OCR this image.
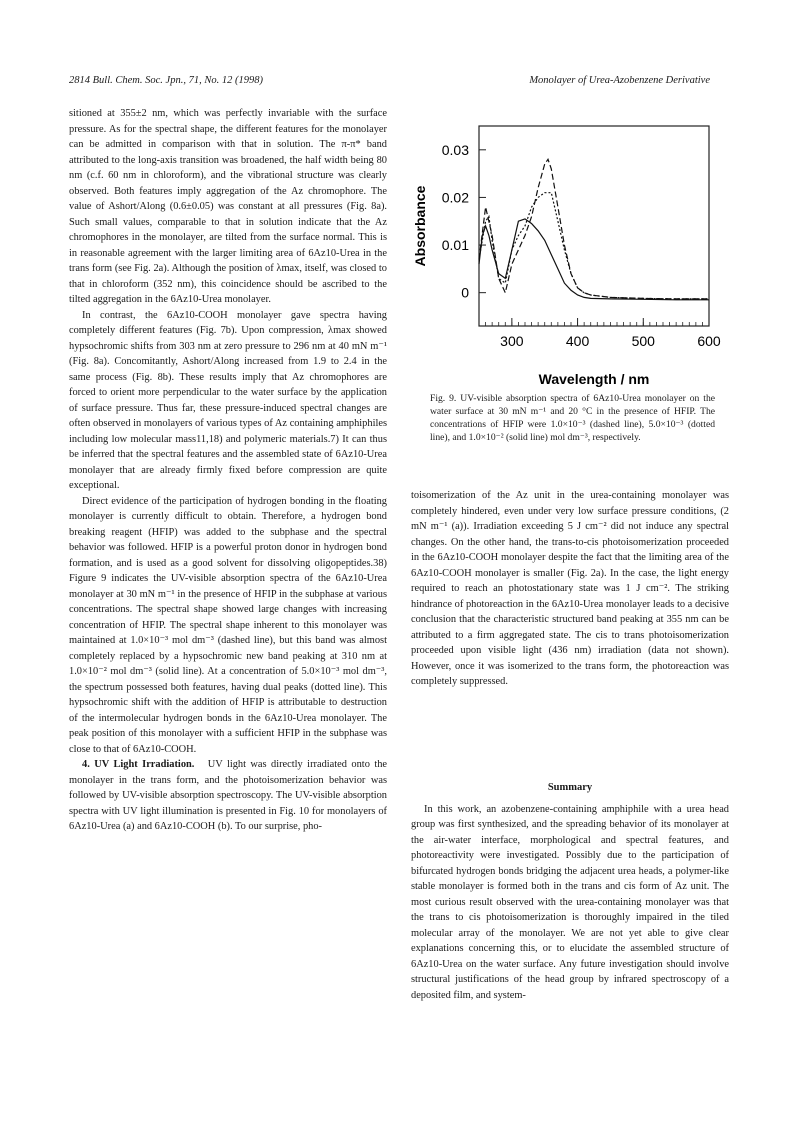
2814 Bull. Chem. Soc. Jpn., 71, No. 12 (1998)	Monolayer of Urea-Azobenzene Derivative

sitioned at 355±2 nm, which was perfectly invariable with the surface pressure. As for the spectral shape, the different features for the monolayer can be admitted in comparison with that in solution. The π-π* band attributed to the long-axis transition was broadened, the half width being 80 nm (c.f. 60 nm in chloroform), and the vibrational structure was clearly observed. Both features imply aggregation of the Az chromophore. The value of Ashort/Along (0.6±0.05) was constant at all pressures (Fig. 8a). Such small values, comparable to that in solution indicate that the Az chromophores in the monolayer, are tilted from the surface normal. This is in reasonable agreement with the larger limiting area of 6Az10-Urea in the trans form (see Fig. 2a). Although the position of λmax, itself, was closed to that in chloroform (352 nm), this coincidence should be ascribed to the tilted aggregation in the 6Az10-Urea monolayer.

In contrast, the 6Az10-COOH monolayer gave spectra having completely different features (Fig. 7b). Upon compression, λmax showed hypsochromic shifts from 303 nm at zero pressure to 296 nm at 40 mN m⁻¹ (Fig. 8a). Concomitantly, Ashort/Along increased from 1.9 to 2.4 in the same process (Fig. 8b). These results imply that Az chromophores are forced to orient more perpendicular to the water surface by the application of surface pressure. Thus far, these pressure-induced spectral changes are often observed in monolayers of various types of Az containing amphiphiles including low molecular mass11,18) and polymeric materials.7) It can thus be inferred that the spectral features and the assembled state of 6Az10-Urea monolayer that are already firmly fixed before compression are quite exceptional.

Direct evidence of the participation of hydrogen bonding in the floating monolayer is currently difficult to obtain. Therefore, a hydrogen bond breaking reagent (HFIP) was added to the subphase and the spectral behavior was followed. HFIP is a powerful proton donor in hydrogen bond formation, and is used as a good solvent for dissolving oligopeptides.38) Figure 9 indicates the UV-visible absorption spectra of the 6Az10-Urea monolayer at 30 mN m⁻¹ in the presence of HFIP in the subphase at various concentrations. The spectral shape showed large changes with increasing concentration of HFIP. The spectral shape inherent to this monolayer was maintained at 1.0×10⁻³ mol dm⁻³ (dashed line), but this band was almost completely replaced by a hypsochromic new band peaking at 310 nm at 1.0×10⁻² mol dm⁻³ (solid line). At a concentration of 5.0×10⁻³ mol dm⁻³, the spectrum possessed both features, having dual peaks (dotted line). This hypsochromic shift with the addition of HFIP is attributable to destruction of the intermolecular hydrogen bonds in the 6Az10-Urea monolayer. The peak position of this monolayer with a sufficient HFIP in the subphase was close to that of 6Az10-COOH.

4. UV Light Irradiation. UV light was directly irradiated onto the monolayer in the trans form, and the photoisomerization behavior was followed by UV-visible absorption spectroscopy. The UV-visible absorption spectra with UV light illumination is presented in Fig. 10 for monolayers of 6Az10-Urea (a) and 6Az10-COOH (b). To our surprise, pho-

300	400	500	600
0
0.01
0.02
0.03
Wavelength / nm
Absorbance
Fig. 9. UV-visible absorption spectra of 6Az10-Urea monolayer on the water surface at 30 mN m⁻¹ and 20 °C in the presence of HFIP. The concentrations of HFIP were 1.0×10⁻³ (dashed line), 5.0×10⁻³ (dotted line), and 1.0×10⁻² (solid line) mol dm⁻³, respectively.

toisomerization of the Az unit in the urea-containing monolayer was completely hindered, even under very low surface pressure conditions, (2 mN m⁻¹ (a)). Irradiation exceeding 5 J cm⁻² did not induce any spectral changes. On the other hand, the trans-to-cis photoisomerization proceeded in the 6Az10-COOH monolayer despite the fact that the limiting area of the 6Az10-COOH monolayer is smaller (Fig. 2a). In the case, the light energy required to reach an photostationary state was 1 J cm⁻². The striking hindrance of photoreaction in the 6Az10-Urea monolayer leads to a decisive conclusion that the characteristic structured band peaking at 355 nm can be attributed to a firm aggregated state. The cis to trans photoisomerization proceeded upon visible light (436 nm) irradiation (data not shown). However, once it was isomerized to the trans form, the photoreaction was completely suppressed.

Summary

In this work, an azobenzene-containing amphiphile with a urea head group was first synthesized, and the spreading behavior of its monolayer at the air-water interface, morphological and spectral features, and photoreactivity were investigated. Possibly due to the participation of bifurcated hydrogen bonds bridging the adjacent urea heads, a polymer-like stable monolayer is formed both in the trans and cis form of Az unit. The most curious result observed with the urea-containing monolayer was that the trans to cis photoisomerization is thoroughly impaired in the tiled molecular array of the monolayer. We are not yet able to give clear explanations concerning this, or to elucidate the assembled structure of 6Az10-Urea on the water surface. Any future investigation should involve structural justifications of the head group by infrared spectroscopy of a deposited film, and system-
